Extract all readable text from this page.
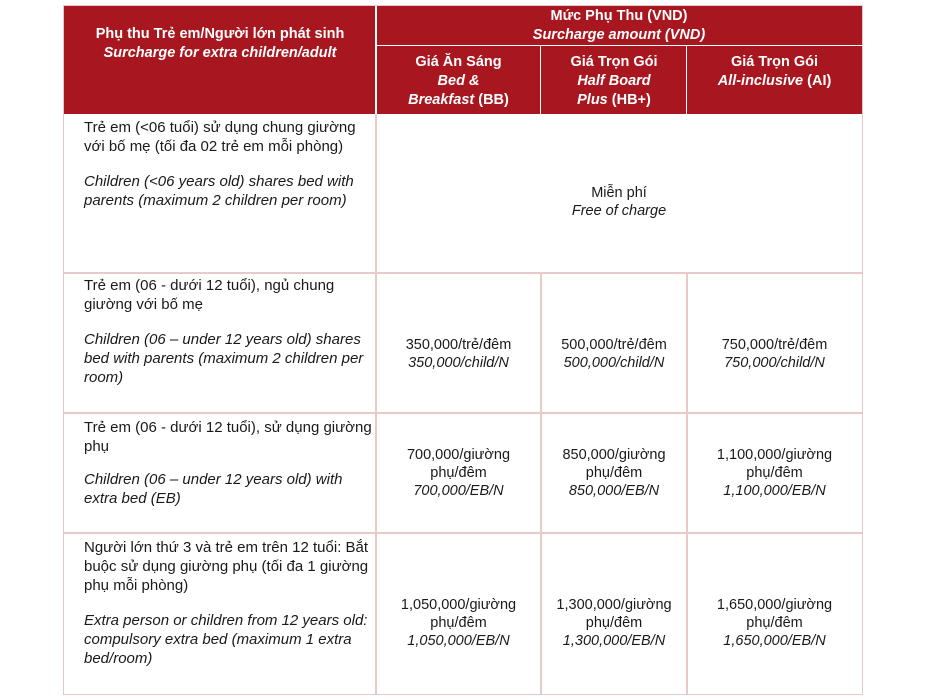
Phụ thu Trẻ em/Người lớn phát sinh
Surcharge for extra children/adult
Mức Phụ Thu (VND)
Surcharge amount (VND)
Giá Ăn Sáng
Bed &
Breakfast (BB)
Giá Trọn Gói
Half Board
Plus (HB+)
Giá Trọn Gói
All-inclusive (AI)
Trẻ em (<06 tuổi) sử dụng chung giường với bố mẹ (tối đa 02 trẻ em mỗi phòng)
Children (<06 years old) shares bed with parents (maximum 2 children per room)	Miễn phí
Free of charge
Trẻ em (06 - dưới 12 tuổi), ngủ chung giường với bố mẹ
Children (06 – under 12 years old) shares bed with parents (maximum 2 children per room)
350,000/trẻ/đêm
350,000/child/N
500,000/trẻ/đêm
500,000/child/N
750,000/trẻ/đêm
750,000/child/N
Trẻ em (06 - dưới 12 tuổi), sử dụng giường phụ
Children (06 – under 12 years old) with extra bed (EB)
700,000/giường
phụ/đêm
700,000/EB/N
850,000/giường
phụ/đêm
850,000/EB/N
1,100,000/giường
phụ/đêm
1,100,000/EB/N
Người lớn thứ 3 và trẻ em trên 12 tuổi: Bắt buộc sử dụng giường phụ (tối đa 1 giường phụ mỗi phòng)
Extra person or children from 12 years old: compulsory extra bed (maximum 1 extra bed/room)
1,050,000/giường
phụ/đêm
1,050,000/EB/N
1,300,000/giường
phụ/đêm
1,300,000/EB/N
1,650,000/giường
phụ/đêm
1,650,000/EB/N
